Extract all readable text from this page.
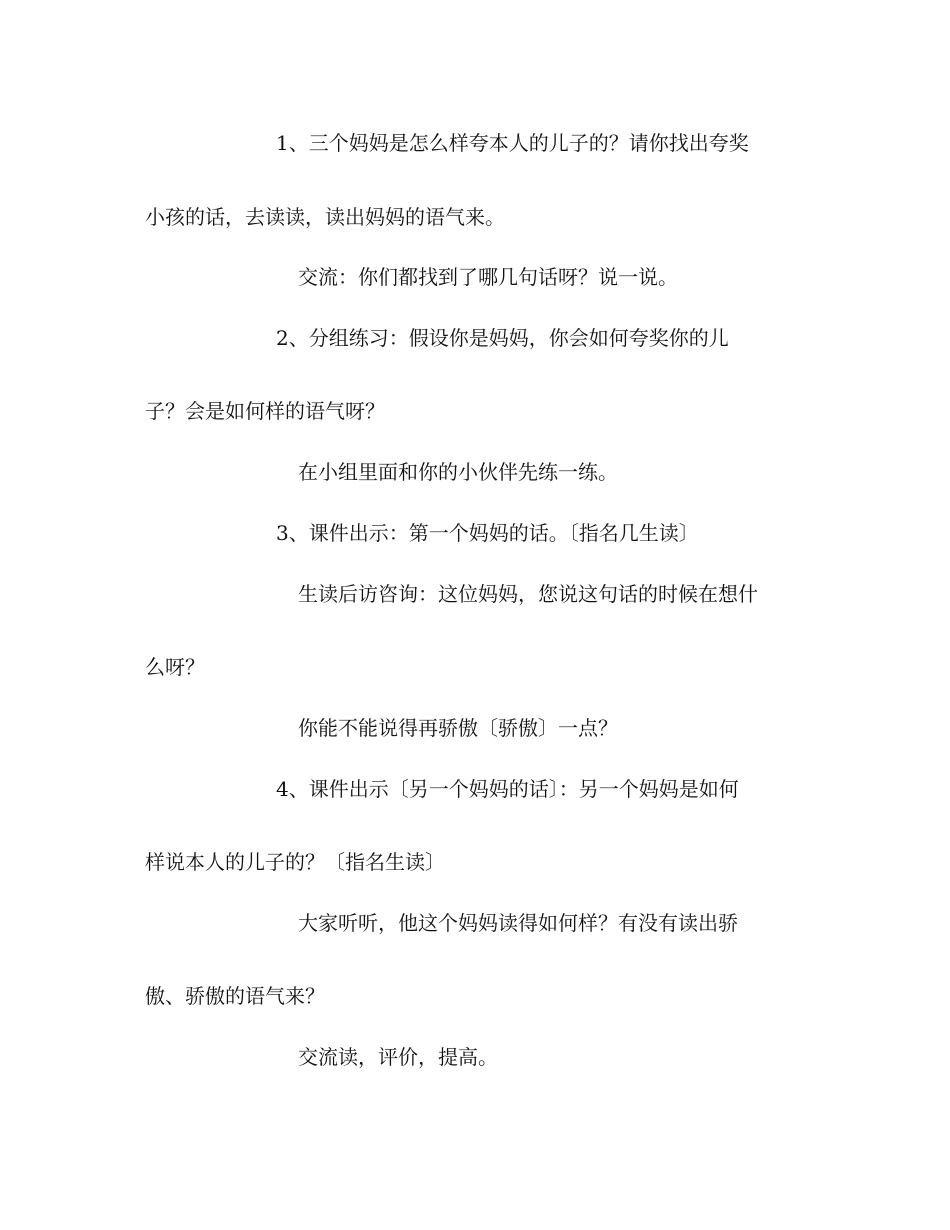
1、三个妈妈是怎么样夸本人的儿子的？请你找出夸奖
小孩的话，去读读，读出妈妈的语气来。
交流：你们都找到了哪几句话呀？说一说。
2、分组练习：假设你是妈妈，你会如何夸奖你的儿
子？会是如何样的语气呀？
在小组里面和你的小伙伴先练一练。
3、课件出示：第一个妈妈的话。〔指名几生读〕
生读后访咨询：这位妈妈，您说这句话的时候在想什
么呀？
你能不能说得再骄傲〔骄傲〕一点？
4、课件出示〔另一个妈妈的话〕：另一个妈妈是如何
样说本人的儿子的？〔指名生读〕
大家听听，他这个妈妈读得如何样？有没有读出骄
傲、骄傲的语气来？
交流读，评价，提高。
